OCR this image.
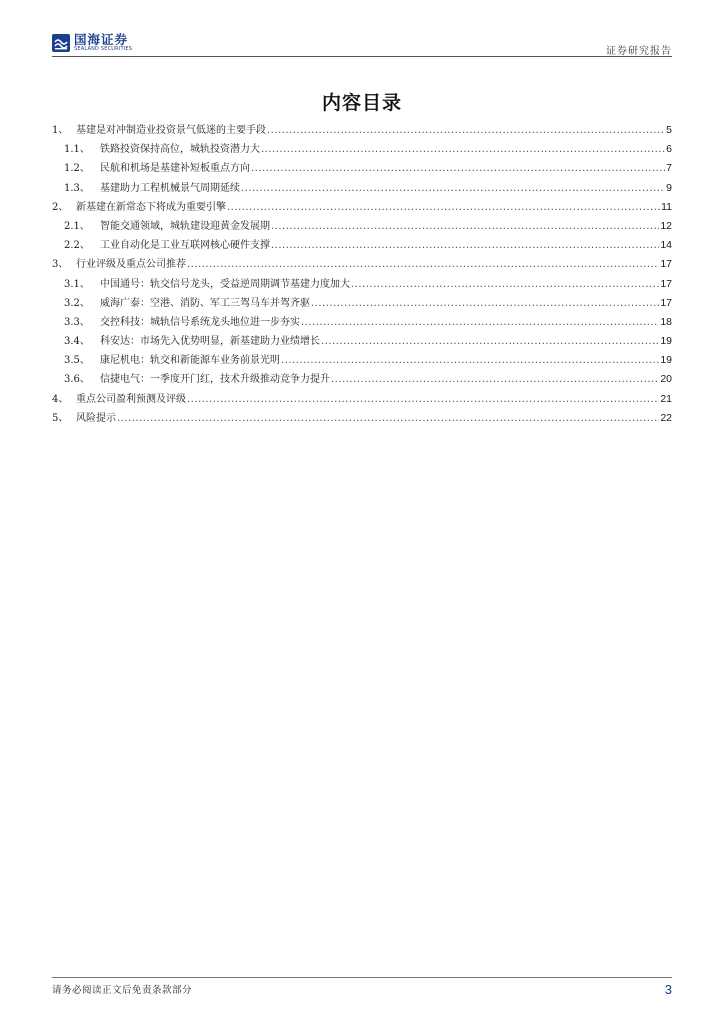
国海证券
SEALAND SECURITIES	证券研究报告
内容目录
1、 基建是对冲制造业投资景气低迷的主要手段 .....	5
1.1、	铁路投资保持高位，城轨投资潜力大 .....	6
1.2、	民航和机场是基建补短板重点方向 .....	7
1.3、	基建助力工程机械景气周期延续 .....	9
2、 新基建在新常态下将成为重要引擎 .....	11
2.1、	智能交通领域，城轨建设迎黄金发展期 .....	12
2.2、	工业自动化是工业互联网核心硬件支撑 .....	14
3、 行业评级及重点公司推荐 .....	17
3.1、	中国通号：轨交信号龙头，受益逆周期调节基建力度加大 .....	17
3.2、	威海广泰：空港、消防、军工三驾马车并驾齐驱 .....	17
3.3、	交控科技：城轨信号系统龙头地位进一步夯实 .....	18
3.4、	科安达：市场先入优势明显，新基建助力业绩增长 .....	19
3.5、	康尼机电：轨交和新能源车业务前景光明 .....	19
3.6、	信捷电气：一季度开门红，技术升级推动竞争力提升 .....	20
4、 重点公司盈利预测及评级 .....	21
5、 风险提示 .....	22
请务必阅读正文后免责条款部分	3
